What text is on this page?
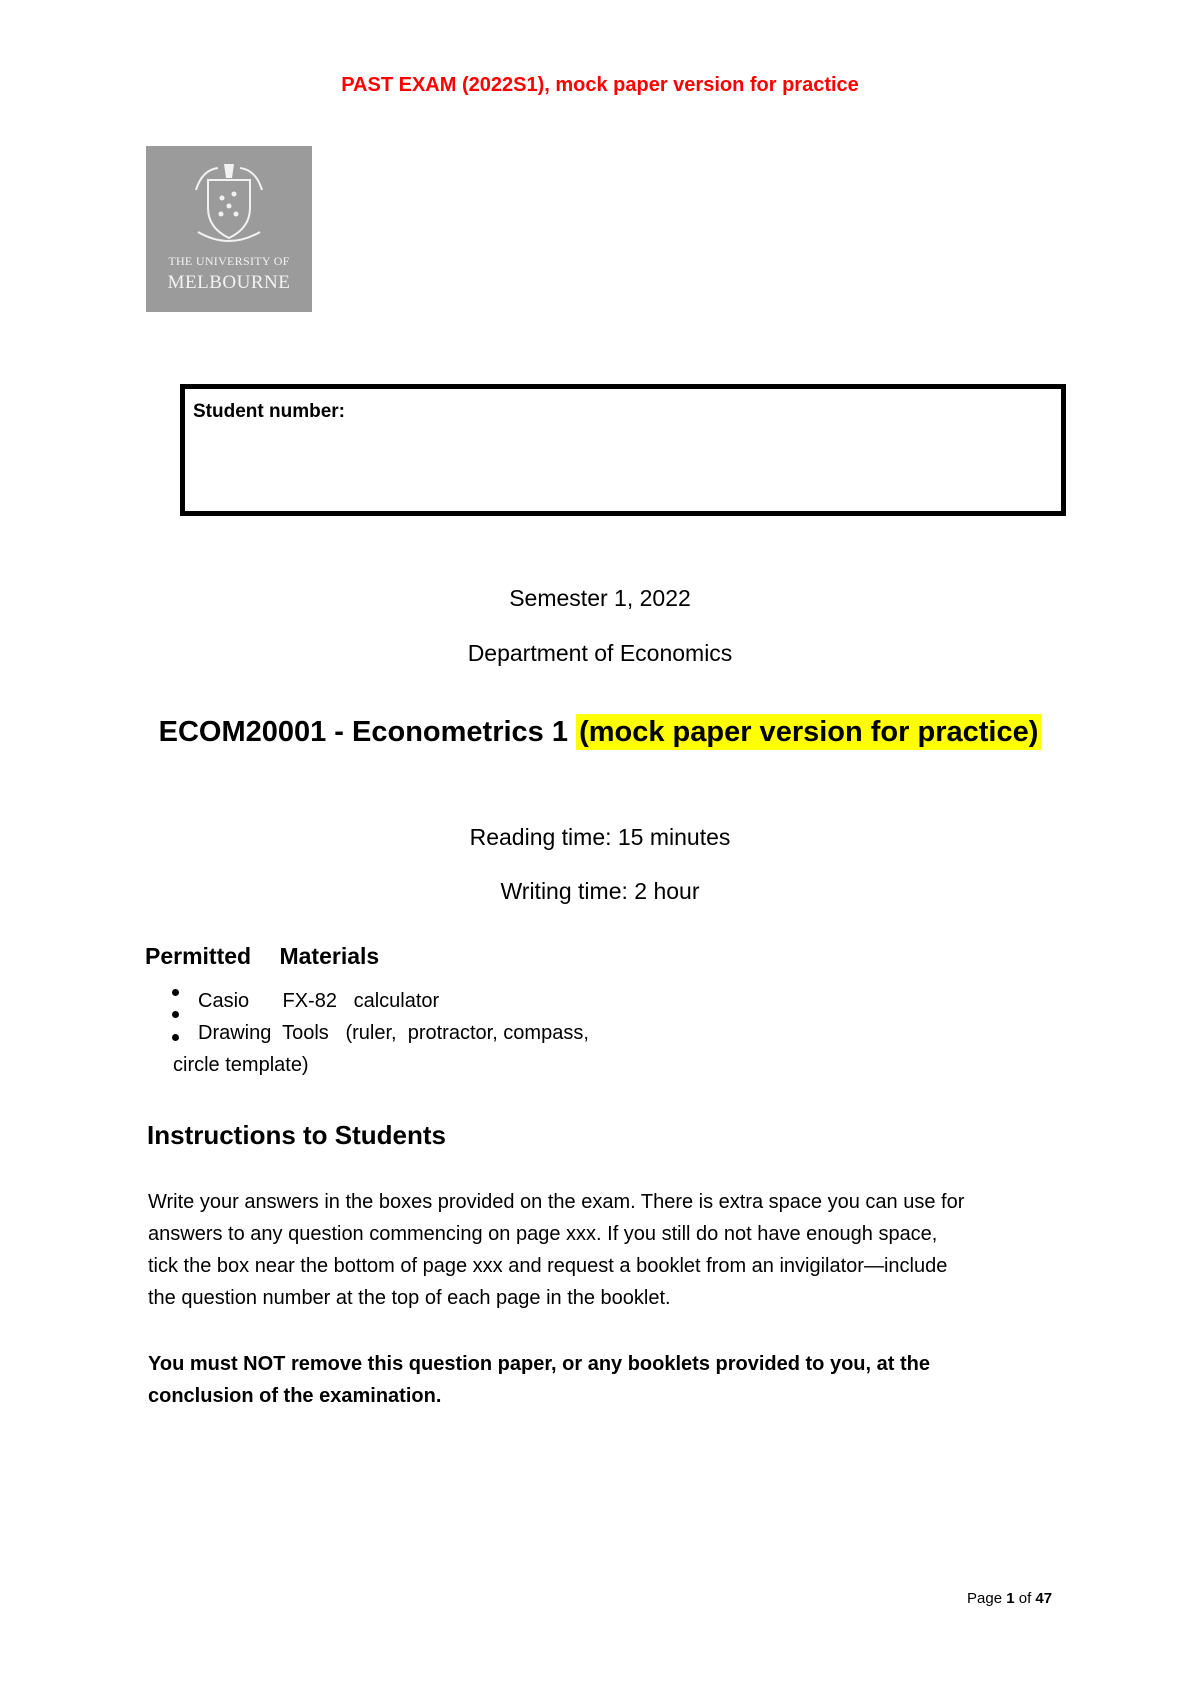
PAST EXAM (2022S1), mock paper version for practice
THE UNIVERSITY OF
MELBOURNE
Student number:
Semester 1, 2022
Department of Economics
ECOM20001 - Econometrics 1 (mock paper version for practice)
Reading time: 15 minutes
Writing time: 2 hour
Permitted Materials
Casio      FX-82   calculator
Drawing  Tools   (ruler,  protractor, compass,
circle template)
Instructions to Students
Write your answers in the boxes provided on the exam. There is extra space you can use for
answers to any question commencing on page xxx. If you still do not have enough space,
tick the box near the bottom of page xxx and request a booklet from an invigilator—include
the question number at the top of each page in the booklet.
You must NOT remove this question paper, or any booklets provided to you, at the
conclusion of the examination.
Page 1 of 47
